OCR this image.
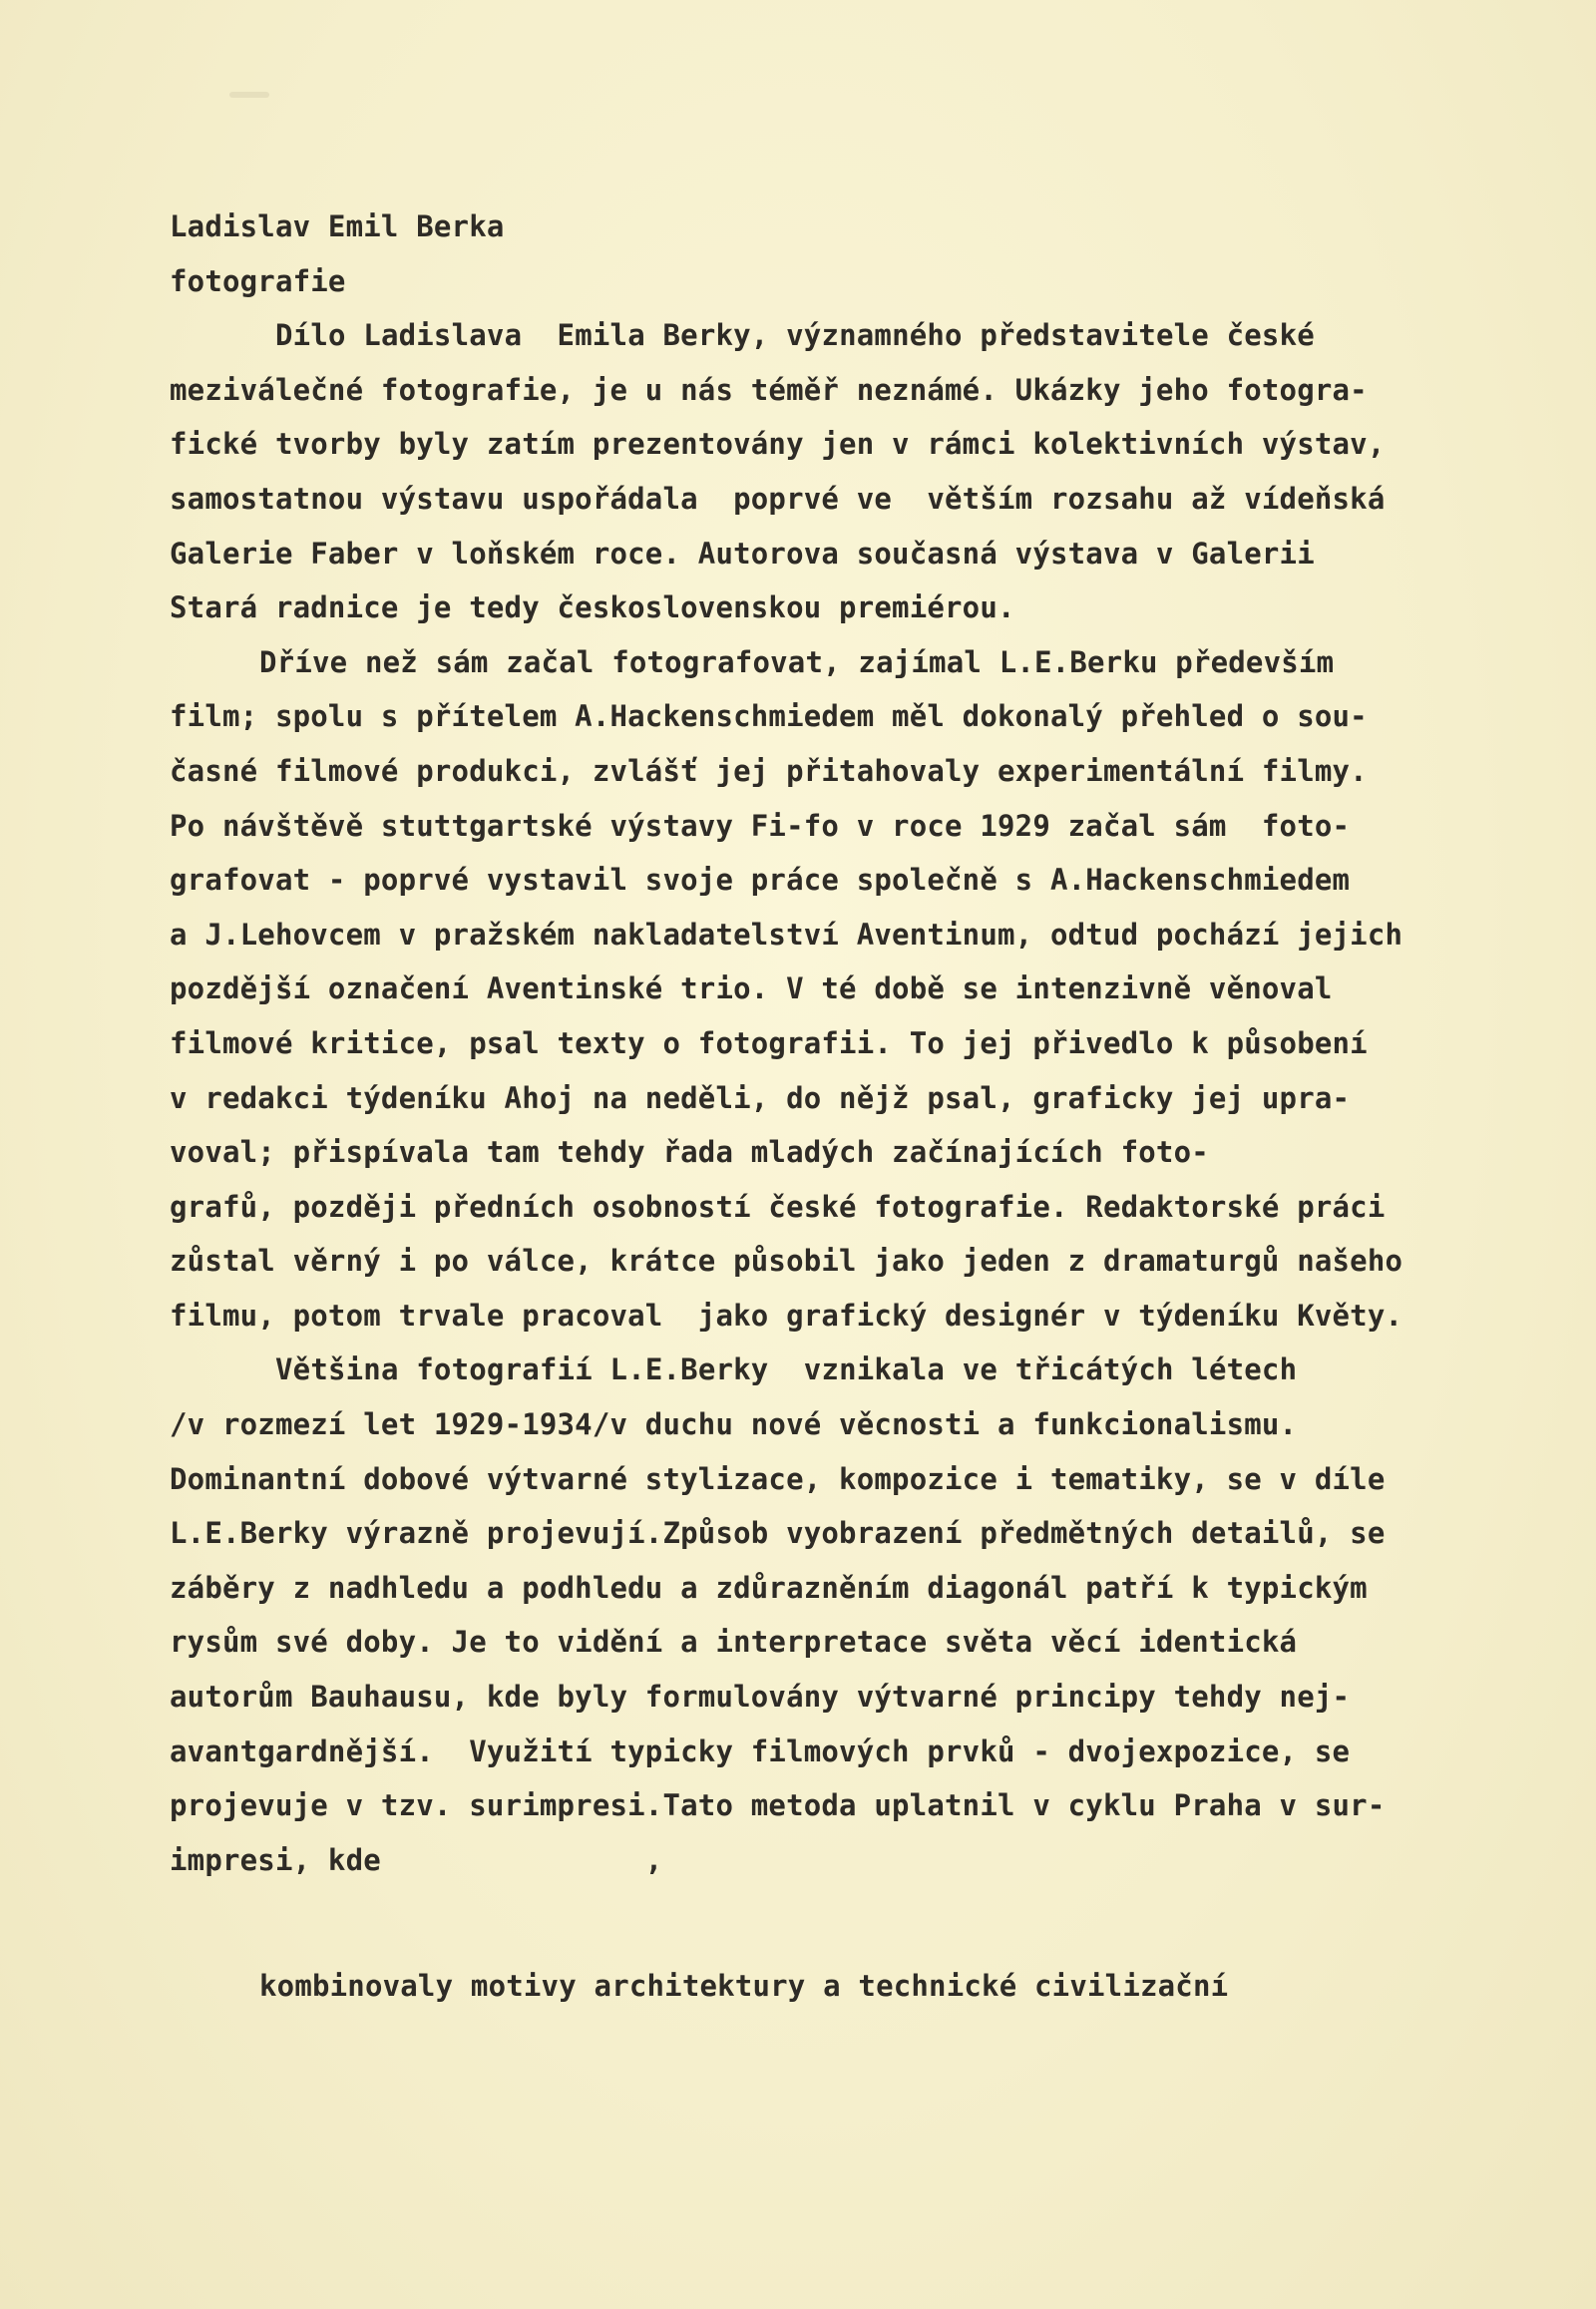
Ladislav Emil Berka
fotografie
Dílo Ladislava  Emila Berky, významného představitele české
meziválečné fotografie, je u nás téměř neznámé. Ukázky jeho fotogra-
fické tvorby byly zatím prezentovány jen v rámci kolektivních výstav,
samostatnou výstavu uspořádala  poprvé ve  větším rozsahu až vídeňská
Galerie Faber v loňském roce. Autorova současná výstava v Galerii
Stará radnice je tedy československou premiérou.
Dříve než sám začal fotografovat, zajímal L.E.Berku především
film; spolu s přítelem A.Hackenschmiedem měl dokonalý přehled o sou-
časné filmové produkci, zvlášť jej přitahovaly experimentální filmy.
Po návštěvě stuttgartské výstavy Fi-fo v roce 1929 začal sám  foto-
grafovat - poprvé vystavil svoje práce společně s A.Hackenschmiedem
a J.Lehovcem v pražském nakladatelství Aventinum, odtud pochází jejich
pozdější označení Aventinské trio. V té době se intenzivně věnoval
filmové kritice, psal texty o fotografii. To jej přivedlo k působení
v redakci týdeníku Ahoj na neděli, do nějž psal, graficky jej upra-
voval; přispívala tam tehdy řada mladých začínajících foto-
grafů, později předních osobností české fotografie. Redaktorské práci
zůstal věrný i po válce, krátce působil jako jeden z dramaturgů našeho
filmu, potom trvale pracoval  jako grafický designér v týdeníku Květy.
Většina fotografií L.E.Berky  vznikala ve třicátých létech
/v rozmezí let 1929-1934/v duchu nové věcnosti a funkcionalismu.
Dominantní dobové výtvarné stylizace, kompozice i tematiky, se v díle
L.E.Berky výrazně projevují.Způsob vyobrazení předmětných detailů, se
záběry z nadhledu a podhledu a zdůrazněním diagonál patří k typickým
rysům své doby. Je to vidění a interpretace světa věcí identická
autorům Bauhausu, kde byly formulovány výtvarné principy tehdy nej-
avantgardnější.  Využití typicky filmových prvků - dvojexpozice, se
projevuje v tzv. surimpresi.Tato metoda uplatnil v cyklu Praha v sur-
impresi, kde               ,
kombinovaly motivy architektury a technické civilizační
